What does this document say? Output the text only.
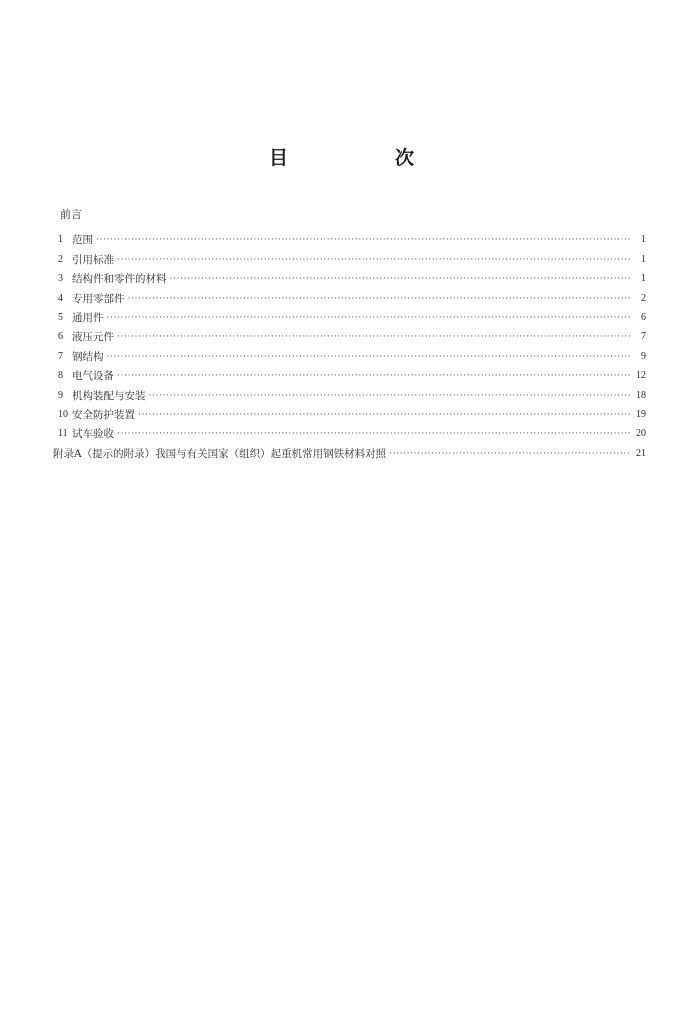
目　次
前言
1 范围 ·····	1
2 引用标准 ·····	1
3 结构件和零件的材料 ·····	1
4 专用零部件 ·····	2
5 通用件 ·····	6
6 液压元件 ·····	7
7 钢结构 ·····	9
8 电气设备 ·····	12
9 机构装配与安装 ·····	18
10 安全防护装置 ·····	19
11 试车验收 ·····	20
附录A（提示的附录）我国与有关国家（组织）起重机常用钢铁材料对照 ·····	21
